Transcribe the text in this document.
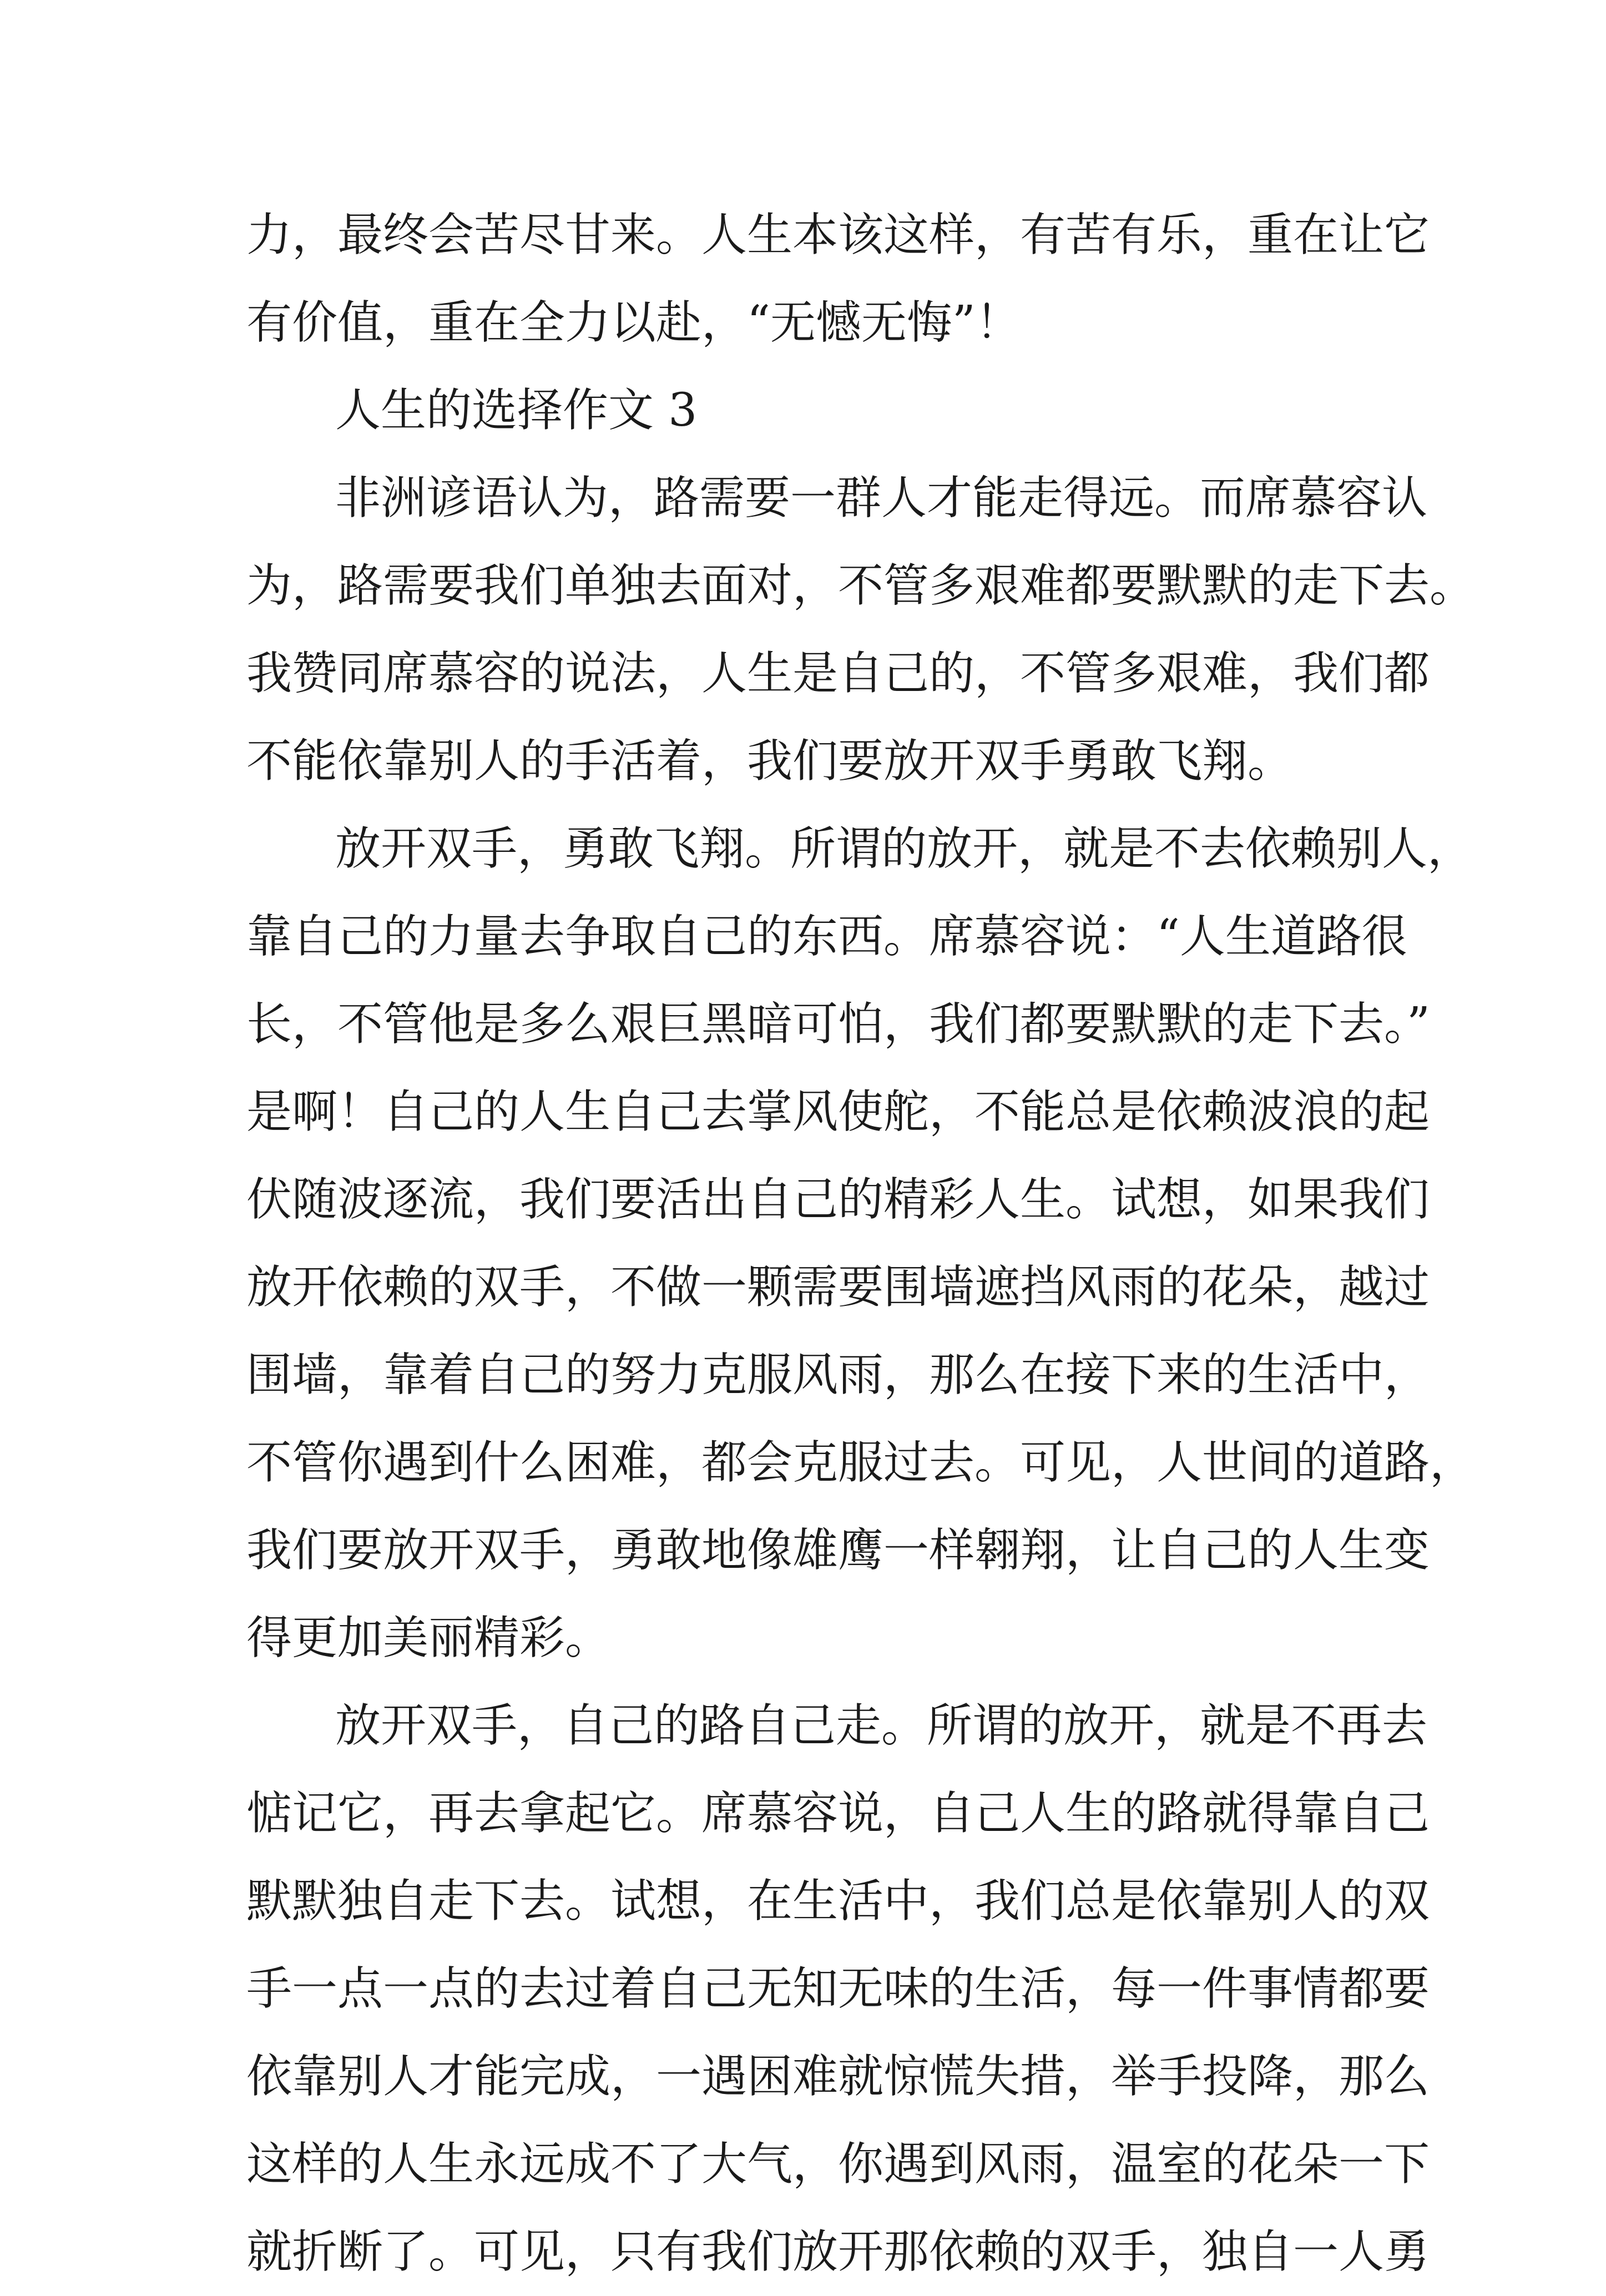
力，最终会苦尽甘来。人生本该这样，有苦有乐，重在让它
有价值，重在全力以赴，“无憾无悔”！
人生的选择作文 3
非洲谚语认为，路需要一群人才能走得远。而席慕容认
为，路需要我们单独去面对，不管多艰难都要默默的走下去。
我赞同席慕容的说法，人生是自己的，不管多艰难，我们都
不能依靠别人的手活着，我们要放开双手勇敢飞翔。
放开双手，勇敢飞翔。所谓的放开，就是不去依赖别人，
靠自己的力量去争取自己的东西。席慕容说：“人生道路很
长，不管他是多么艰巨黑暗可怕，我们都要默默的走下去。”
是啊！自己的人生自己去掌风使舵，不能总是依赖波浪的起
伏随波逐流，我们要活出自己的精彩人生。试想，如果我们
放开依赖的双手，不做一颗需要围墙遮挡风雨的花朵，越过
围墙，靠着自己的努力克服风雨，那么在接下来的生活中，
不管你遇到什么困难，都会克服过去。可见，人世间的道路，
我们要放开双手，勇敢地像雄鹰一样翱翔，让自己的人生变
得更加美丽精彩。
放开双手，自己的路自己走。所谓的放开，就是不再去
惦记它，再去拿起它。席慕容说，自己人生的路就得靠自己
默默独自走下去。试想，在生活中，我们总是依靠别人的双
手一点一点的去过着自己无知无味的生活，每一件事情都要
依靠别人才能完成，一遇困难就惊慌失措，举手投降，那么
这样的人生永远成不了大气，你遇到风雨，温室的花朵一下
就折断了。可见，只有我们放开那依赖的双手，独自一人勇
